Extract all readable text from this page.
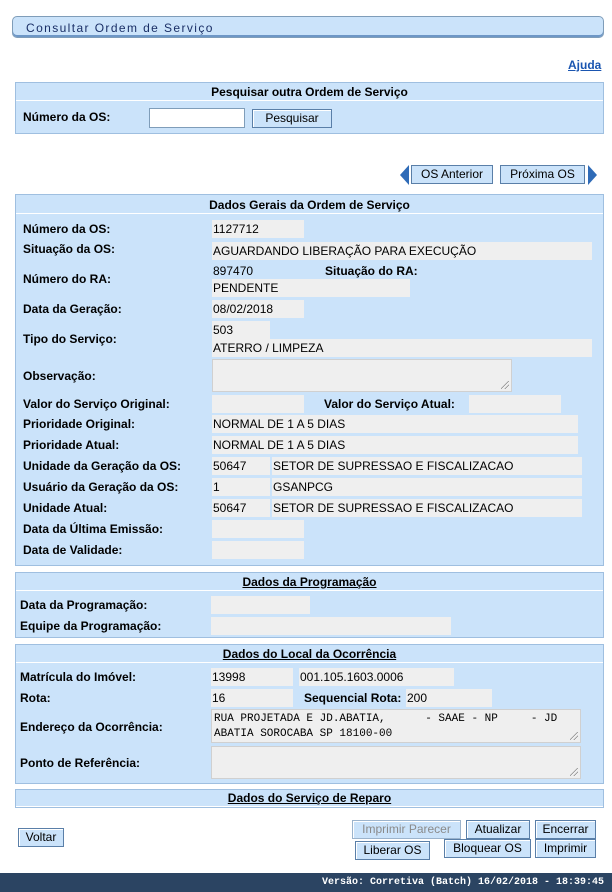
Consultar Ordem de Serviço
Ajuda
Pesquisar outra Ordem de Serviço
Número da OS:	Pesquisar
OS Anterior	Próxima OS
Dados Gerais da Ordem de Serviço
Número da OS:	1127712
Situação da OS:	AGUARDANDO LIBERAÇÃO PARA EXECUÇÃO
Número do RA:
897470	Situação do RA:
PENDENTE
Data da Geração:	08/02/2018
Tipo do Serviço:
503
ATERRO / LIMPEZA
Observação:
Valor do Serviço Original:	Valor do Serviço Atual:
Prioridade Original:	NORMAL DE 1 A 5 DIAS
Prioridade Atual:	NORMAL DE 1 A 5 DIAS
Unidade da Geração da OS:	50647	SETOR DE SUPRESSAO E FISCALIZACAO
Usuário da Geração da OS:	1	GSANPCG
Unidade Atual:	50647	SETOR DE SUPRESSAO E FISCALIZACAO
Data da Última Emissão:
Data de Validade:
Dados da Programação
Data da Programação:
Equipe da Programação:
Dados do Local da Ocorrência
Matrícula do Imóvel:	13998	001.105.1603.0006
Rota:	16	Sequencial Rota: 200
Endereço da Ocorrência:
RUA PROJETADA E JD.ABATIA,      - SAAE - NP     - JD
ABATIA SOROCABA SP 18100-00
Ponto de Referência:
Dados do Serviço de Reparo
Voltar
Imprimir Parecer	Atualizar	Encerrar
Liberar OS	Bloquear OS	Imprimir
Versão: Corretiva (Batch) 16/02/2018 - 18:39:45
